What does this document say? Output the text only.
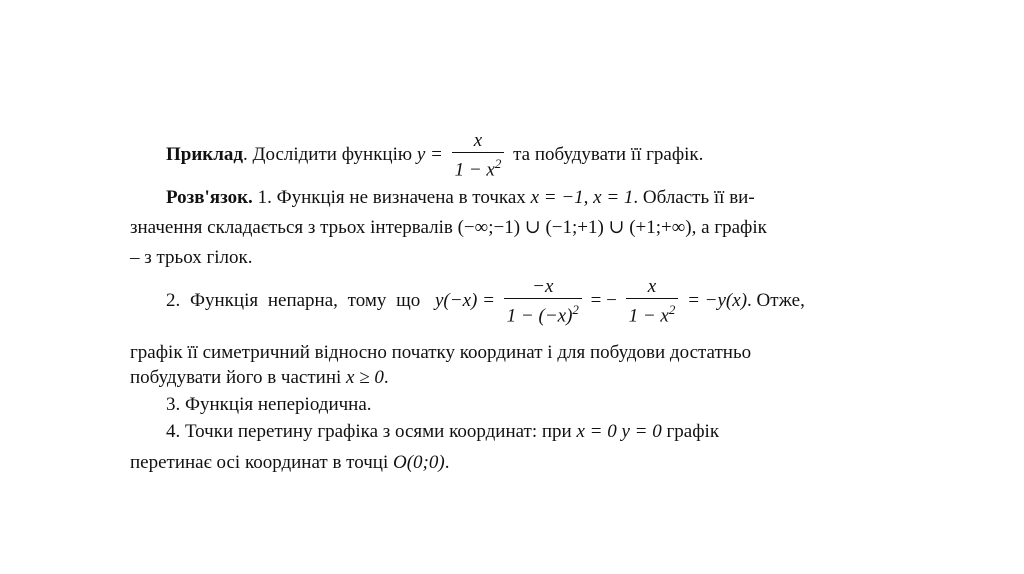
Приклад. Дослідити функцію $y = \frac{x}{1 - x^2}$ та побудувати її графік.
Розв'язок. 1. Функція не визначена в точках x = −1, x = 1. Область її ви-
значення складається з трьох інтервалів (−∞;−1) ∪ (−1;+1) ∪ (+1;+∞), а графік
– з трьох гілок.
2. Функція непарна, тому що $y(-x) = \frac{-x}{1 - (-x)^2}$ = − $\frac{x}{1 - x^2} = -y(x)$. Отже,
графік її симетричний відносно початку координат і для побудови достатньо
побудувати його в частині x ≥ 0.
3. Функція неперіодична.
4. Точки перетину графіка з осями координат: при x = 0 y = 0 графік
перетинає осі координат в точці O(0;0).
